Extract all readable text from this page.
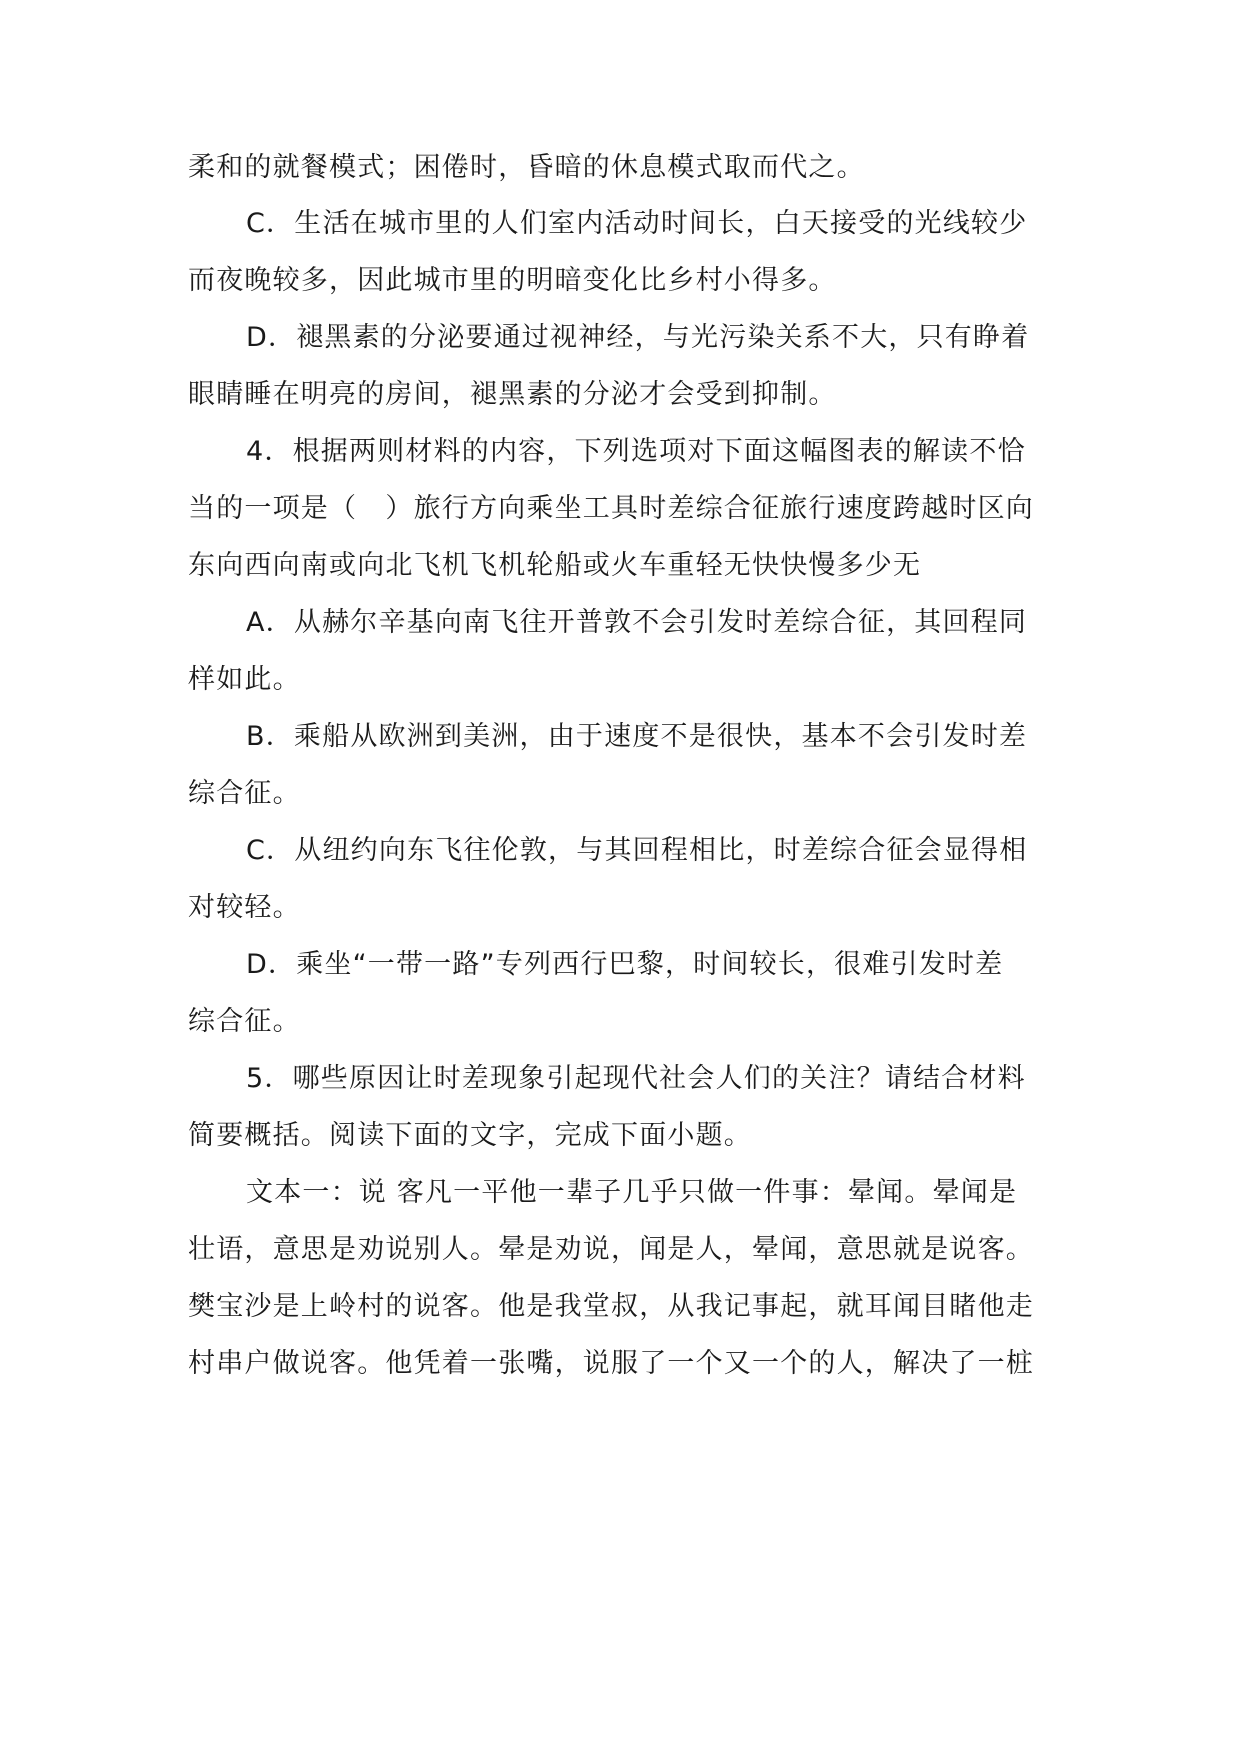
柔和的就餐模式；困倦时，昏暗的休息模式取而代之。
C．生活在城市里的人们室内活动时间长，白天接受的光线较少
而夜晚较多，因此城市里的明暗变化比乡村小得多。
D．褪黑素的分泌要通过视神经，与光污染关系不大，只有睁着
眼睛睡在明亮的房间，褪黑素的分泌才会受到抑制。
4．根据两则材料的内容，下列选项对下面这幅图表的解读不恰
当的一项是（　）旅行方向乘坐工具时差综合征旅行速度跨越时区向
东向西向南或向北飞机飞机轮船或火车重轻无快快慢多少无
A．从赫尔辛基向南飞往开普敦不会引发时差综合征，其回程同
样如此。
B．乘船从欧洲到美洲，由于速度不是很快，基本不会引发时差
综合征。
C．从纽约向东飞往伦敦，与其回程相比，时差综合征会显得相
对较轻。
D．乘坐“一带一路”专列西行巴黎，时间较长，很难引发时差
综合征。
5．哪些原因让时差现象引起现代社会人们的关注？请结合材料
简要概括。阅读下面的文字，完成下面小题。
文本一：说 客凡一平他一辈子几乎只做一件事：晕闻。晕闻是
壮语，意思是劝说别人。晕是劝说，闻是人，晕闻，意思就是说客。
樊宝沙是上岭村的说客。他是我堂叔，从我记事起，就耳闻目睹他走
村串户做说客。他凭着一张嘴，说服了一个又一个的人，解决了一桩
